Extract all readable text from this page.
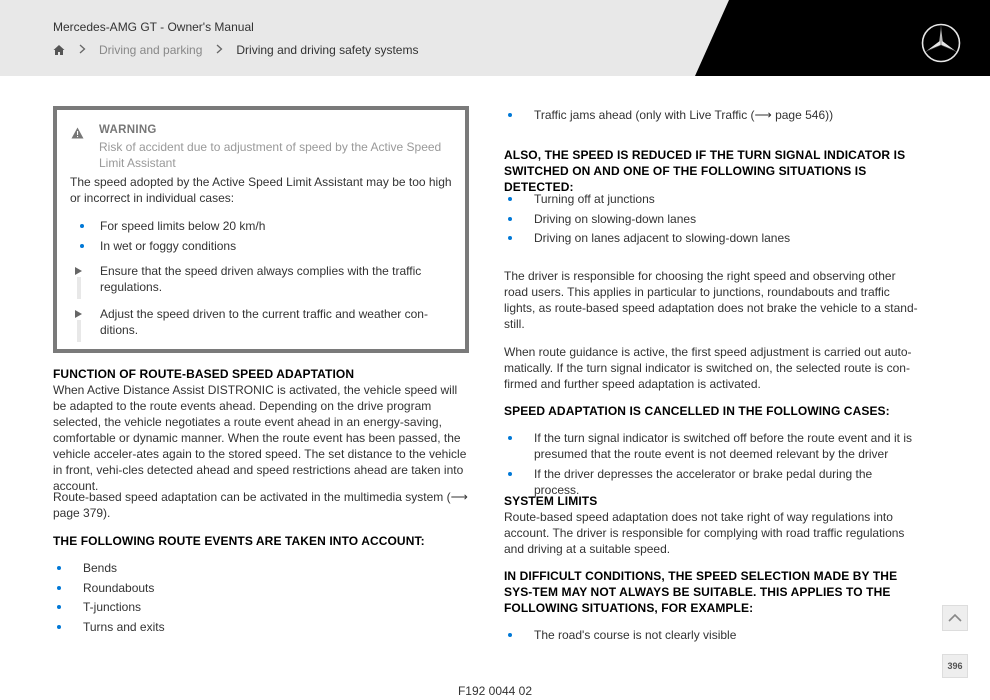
Mercedes-AMG GT - Owner's Manual
Driving and parking	Driving and driving safety systems
WARNING
Risk of accident due to adjustment of speed by the Active Speed Limit Assistant
The speed adopted by the Active Speed Limit Assistant may be too high or incorrect in individual cases:
For speed limits below 20 km/h
In wet or foggy conditions
Ensure that the speed driven always complies with the traffic regulations.
Adjust the speed driven to the current traffic and weather con-ditions.
FUNCTION OF ROUTE-BASED SPEED ADAPTATION
When Active Distance Assist DISTRONIC is activated, the vehicle speed will be adapted to the route events ahead. Depending on the drive program selected, the vehicle negotiates a route event ahead in an energy-saving, comfortable or dynamic manner. When the route event has been passed, the vehicle acceler-ates again to the stored speed. The set distance to the vehicle in front, vehi-cles detected ahead and speed restrictions ahead are taken into account.
Route-based speed adaptation can be activated in the multimedia system (⟶ page 379).
THE FOLLOWING ROUTE EVENTS ARE TAKEN INTO ACCOUNT:
Bends
Roundabouts
T-junctions
Turns and exits
Traffic jams ahead (only with Live Traffic (⟶ page 546))
ALSO, THE SPEED IS REDUCED IF THE TURN SIGNAL INDICATOR IS SWITCHED ON AND ONE OF THE FOLLOWING SITUATIONS IS DETECTED:
Turning off at junctions
Driving on slowing-down lanes
Driving on lanes adjacent to slowing-down lanes
The driver is responsible for choosing the right speed and observing other road users. This applies in particular to junctions, roundabouts and traffic lights, as route-based speed adaptation does not brake the vehicle to a stand-still.
When route guidance is active, the first speed adjustment is carried out auto-matically. If the turn signal indicator is switched on, the selected route is con-firmed and further speed adaptation is activated.
SPEED ADAPTATION IS CANCELLED IN THE FOLLOWING CASES:
If the turn signal indicator is switched off before the route event and it is presumed that the route event is not deemed relevant by the driver
If the driver depresses the accelerator or brake pedal during the process.
SYSTEM LIMITS
Route-based speed adaptation does not take right of way regulations into account. The driver is responsible for complying with road traffic regulations and driving at a suitable speed.
IN DIFFICULT CONDITIONS, THE SPEED SELECTION MADE BY THE SYS-TEM MAY NOT ALWAYS BE SUITABLE. THIS APPLIES TO THE FOLLOWING SITUATIONS, FOR EXAMPLE:
The road's course is not clearly visible
396
F192 0044 02
